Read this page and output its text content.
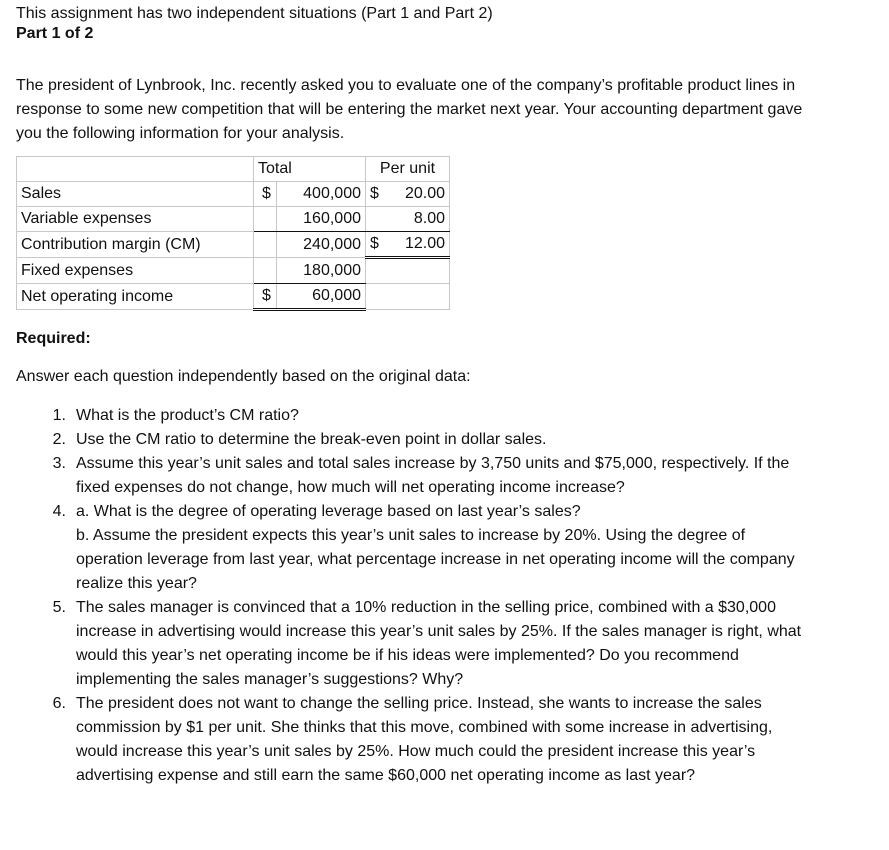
This assignment has two independent situations (Part 1 and Part 2)
Part 1 of 2
The president of Lynbrook, Inc. recently asked you to evaluate one of the company’s profitable product lines in response to some new competition that will be entering the market next year. Your accounting department gave you the following information for your analysis.
	Total		Per unit
Sales	$	400,000	$ 20.00

Variable expenses		160,000	8.00

Contribution margin (CM)		240,000	$ 12.00

Fixed expenses		180,000	

Net operating income	$	60,000	
Required:
Answer each question independently based on the original data:
1. What is the product’s CM ratio?
2. Use the CM ratio to determine the break-even point in dollar sales.
3. Assume this year’s unit sales and total sales increase by 3,750 units and $75,000, respectively. If the fixed expenses do not change, how much will net operating income increase?
4. a. What is the degree of operating leverage based on last year’s sales?
b. Assume the president expects this year’s unit sales to increase by 20%. Using the degree of operation leverage from last year, what percentage increase in net operating income will the company realize this year?
5. The sales manager is convinced that a 10% reduction in the selling price, combined with a $30,000 increase in advertising would increase this year’s unit sales by 25%. If the sales manager is right, what would this year’s net operating income be if his ideas were implemented? Do you recommend implementing the sales manager’s suggestions? Why?
6. The president does not want to change the selling price. Instead, she wants to increase the sales commission by $1 per unit. She thinks that this move, combined with some increase in advertising, would increase this year’s unit sales by 25%. How much could the president increase this year’s advertising expense and still earn the same $60,000 net operating income as last year?
